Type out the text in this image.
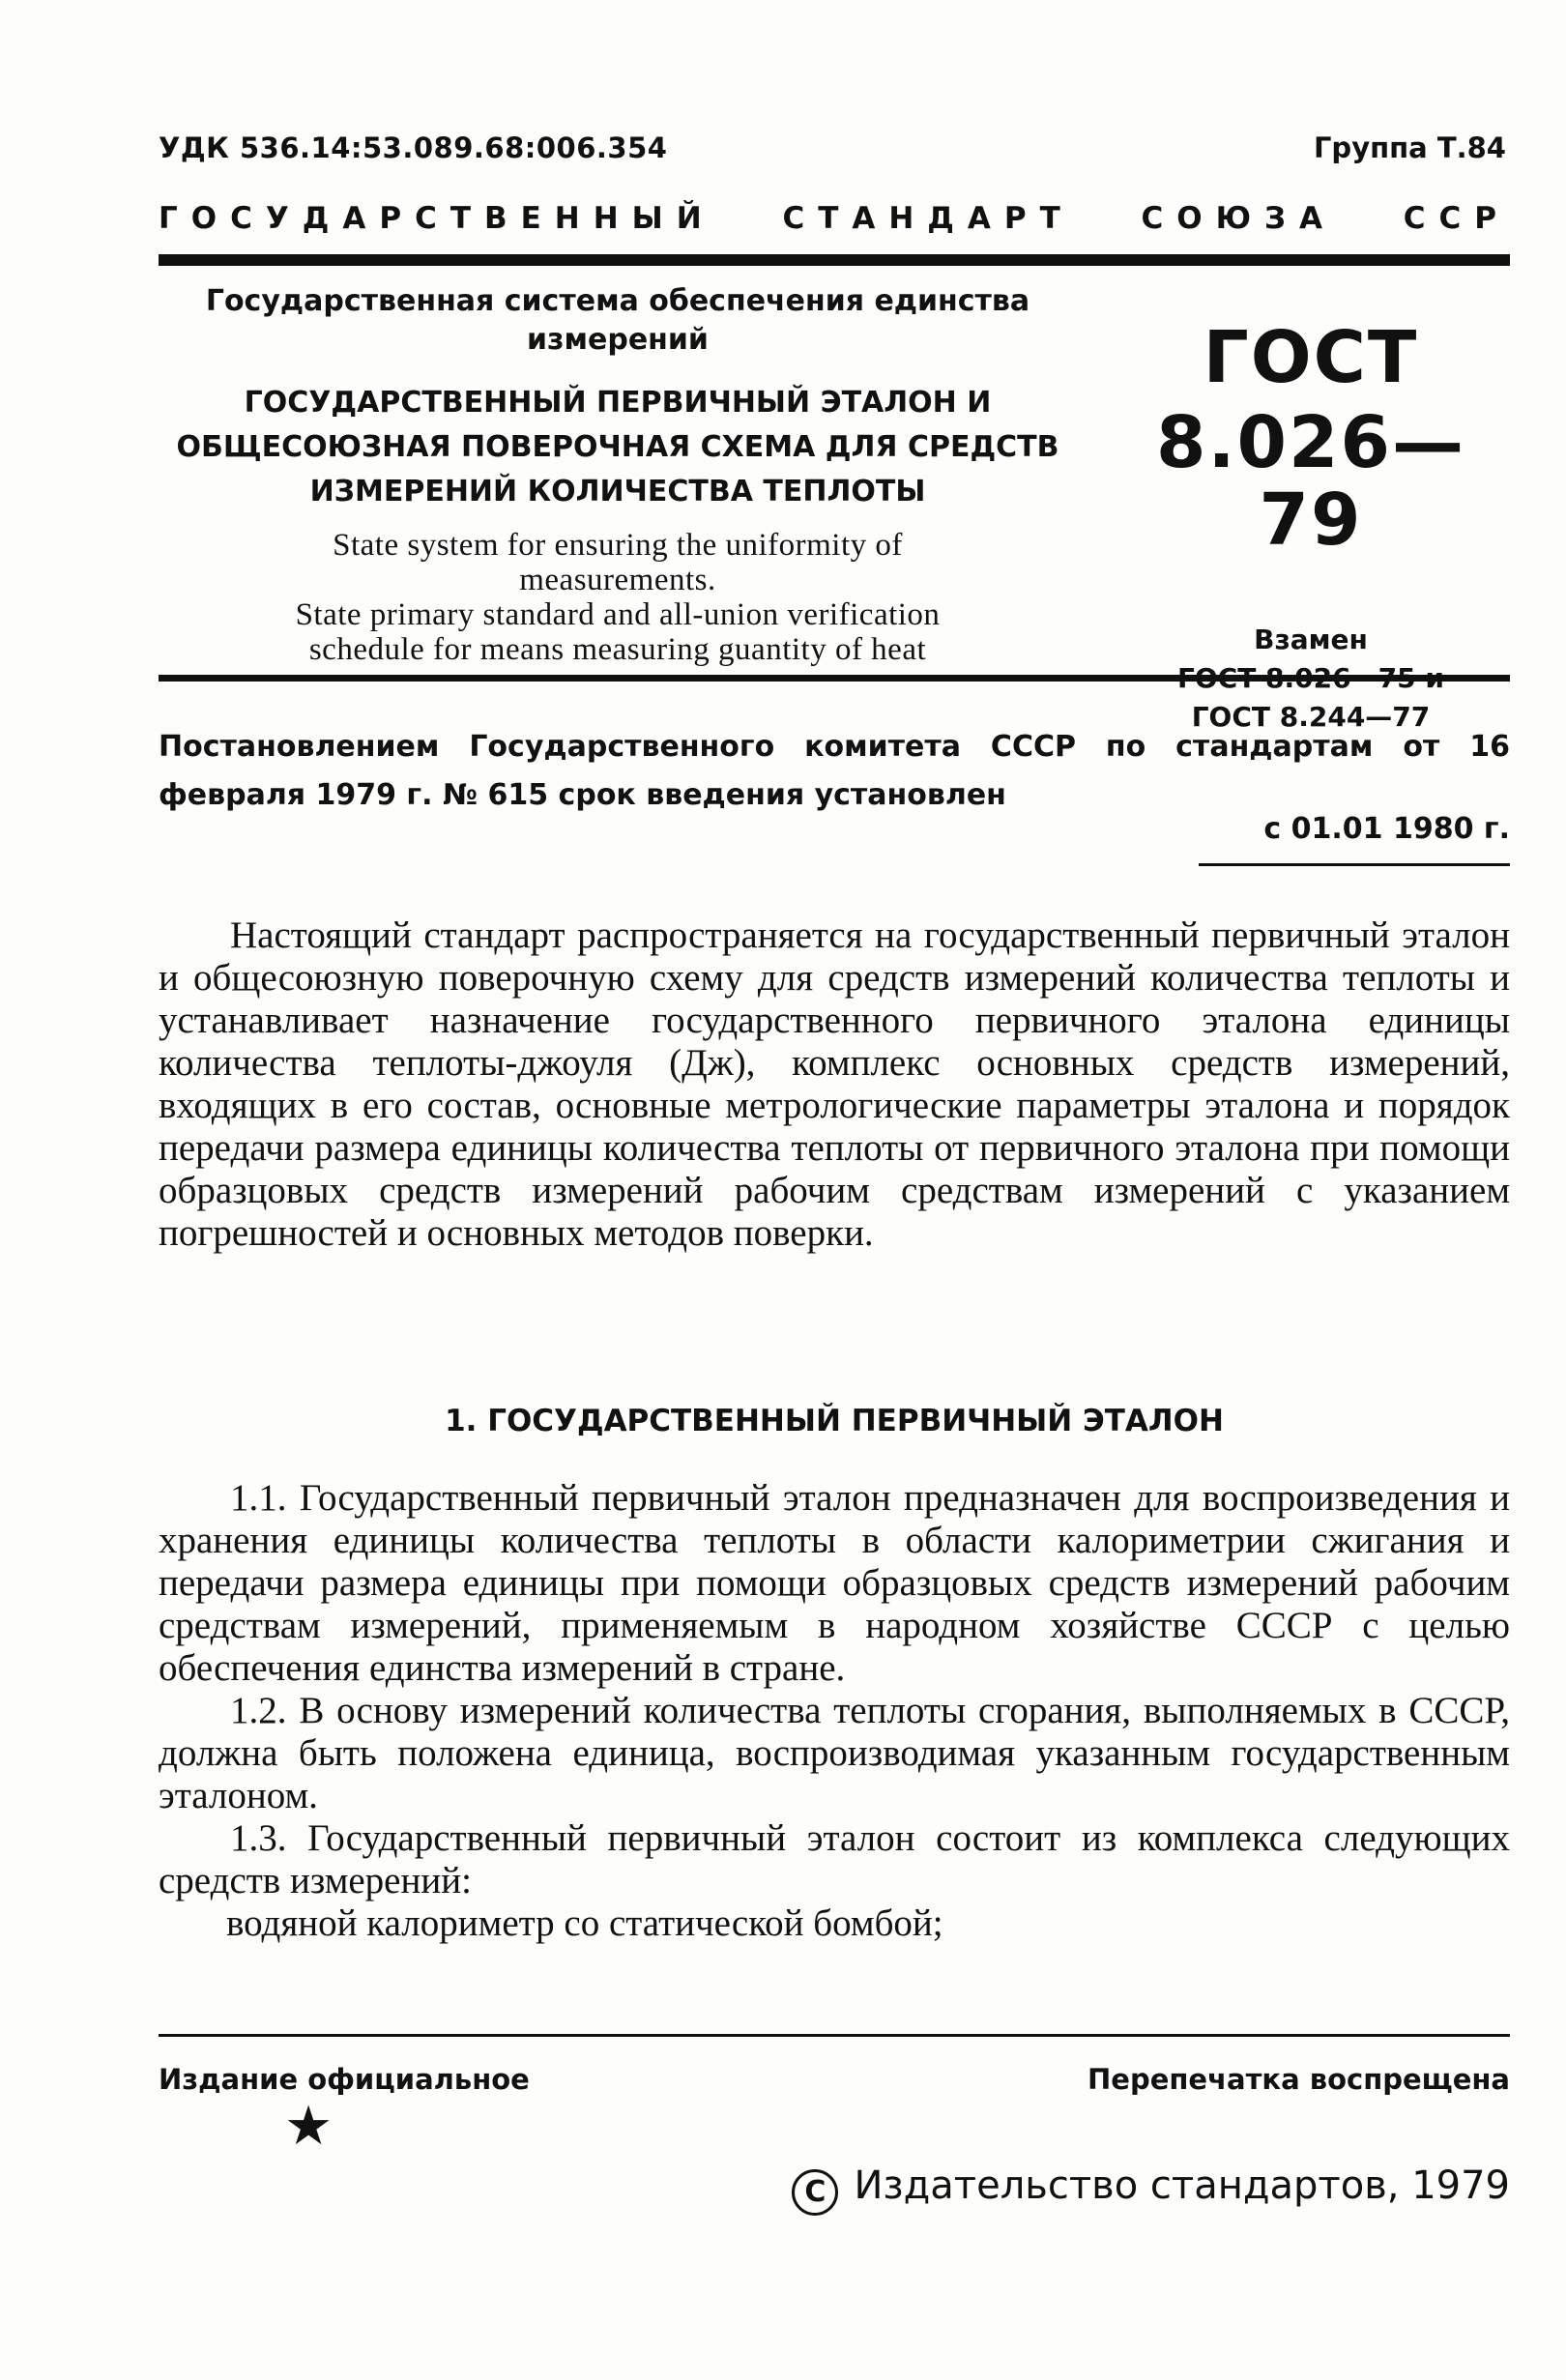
УДК 536.14:53.089.68:006.354	Группа Т.84
ГОСУДАРСТВЕННЫЙ СТАНДАРТ СОЮЗА ССР
Государственная система обеспечения единства измерений
ГОСУДАРСТВЕННЫЙ ПЕРВИЧНЫЙ ЭТАЛОН И
ОБЩЕСОЮЗНАЯ ПОВЕРОЧНАЯ СХЕМА ДЛЯ СРЕДСТВ
ИЗМЕРЕНИЙ КОЛИЧЕСТВА ТЕПЛОТЫ
State system for ensuring the uniformity of
measurements.
State primary standard and all-union verification
schedule for means measuring guantity of heat
ГОСТ
8.026—79
Взамен
ГОСТ 8.244—77
Постановлением Государственного комитета СССР по стандартам от 16 февраля 1979 г. № 615 срок введения установлен
с 01.01 1980 г.

Настоящий стандарт распространяется на государственный первичный эталон и общесоюзную поверочную схему для средств измерений количества теплоты и устанавливает назначение государственного первичного эталона единицы количества теплоты-джоуля (Дж), комплекс основных средств измерений, входящих в его состав, основные метрологические параметры эталона и порядок передачи размера единицы количества теплоты от первичного эталона при помощи образцовых средств измерений рабочим средствам измерений с указанием погрешностей и основных методов поверки.

1. ГОСУДАРСТВЕННЫЙ ПЕРВИЧНЫЙ ЭТАЛОН

1.1. Государственный первичный эталон предназначен для воспроизведения и хранения единицы количества теплоты в области калориметрии сжигания и передачи размера единицы при помощи образцовых средств измерений рабочим средствам измерений, применяемым в народном хозяйстве СССР с целью обеспечения единства измерений в стране.

1.2. В основу измерений количества теплоты сгорания, выполняемых в СССР, должна быть положена единица, воспроизводимая указанным государственным эталоном.

1.3. Государственный первичный эталон состоит из комплекса следующих средств измерений:

водяной калориметр со статической бомбой;
Издание официальное	Перепечатка воспрещена
★
C Издательство стандартов, 1979
